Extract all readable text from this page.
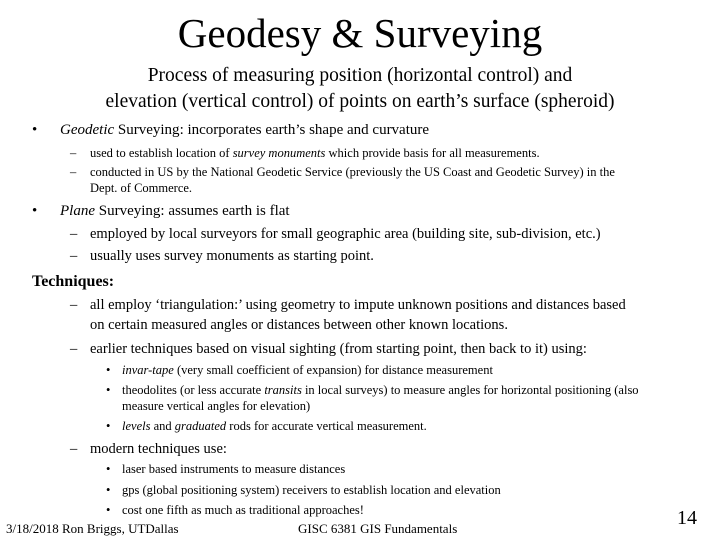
Geodesy & Surveying
Process of measuring position (horizontal control) and
elevation (vertical control) of points on earth’s surface (spheroid)
• Geodetic Surveying: incorporates earth’s shape and curvature
– used to establish location of survey monuments which provide basis for all measurements.
– conducted in US by the National Geodetic Service (previously the US Coast and Geodetic Survey) in the
Dept. of Commerce.
• Plane Surveying: assumes earth is flat
– employed by local surveyors for small geographic area (building site, sub-division, etc.)
– usually uses survey monuments as starting point.
Techniques:
– all employ ‘triangulation:’ using geometry to impute unknown positions and distances based
on certain measured angles or distances between other known locations.
– earlier techniques based on visual sighting (from starting point, then back to it) using:
• invar-tape (very small coefficient of expansion) for distance measurement
• theodolites (or less accurate transits in local surveys) to measure angles for horizontal positioning (also
measure vertical angles for elevation)
• levels and graduated rods for accurate vertical measurement.
– modern techniques use:
• laser based instruments to measure distances
• gps (global positioning system) receivers to establish location and elevation
• cost one fifth as much as traditional approaches!
3/18/2018 Ron Briggs, UTDallas	GISC 6381 GIS Fundamentals	14
